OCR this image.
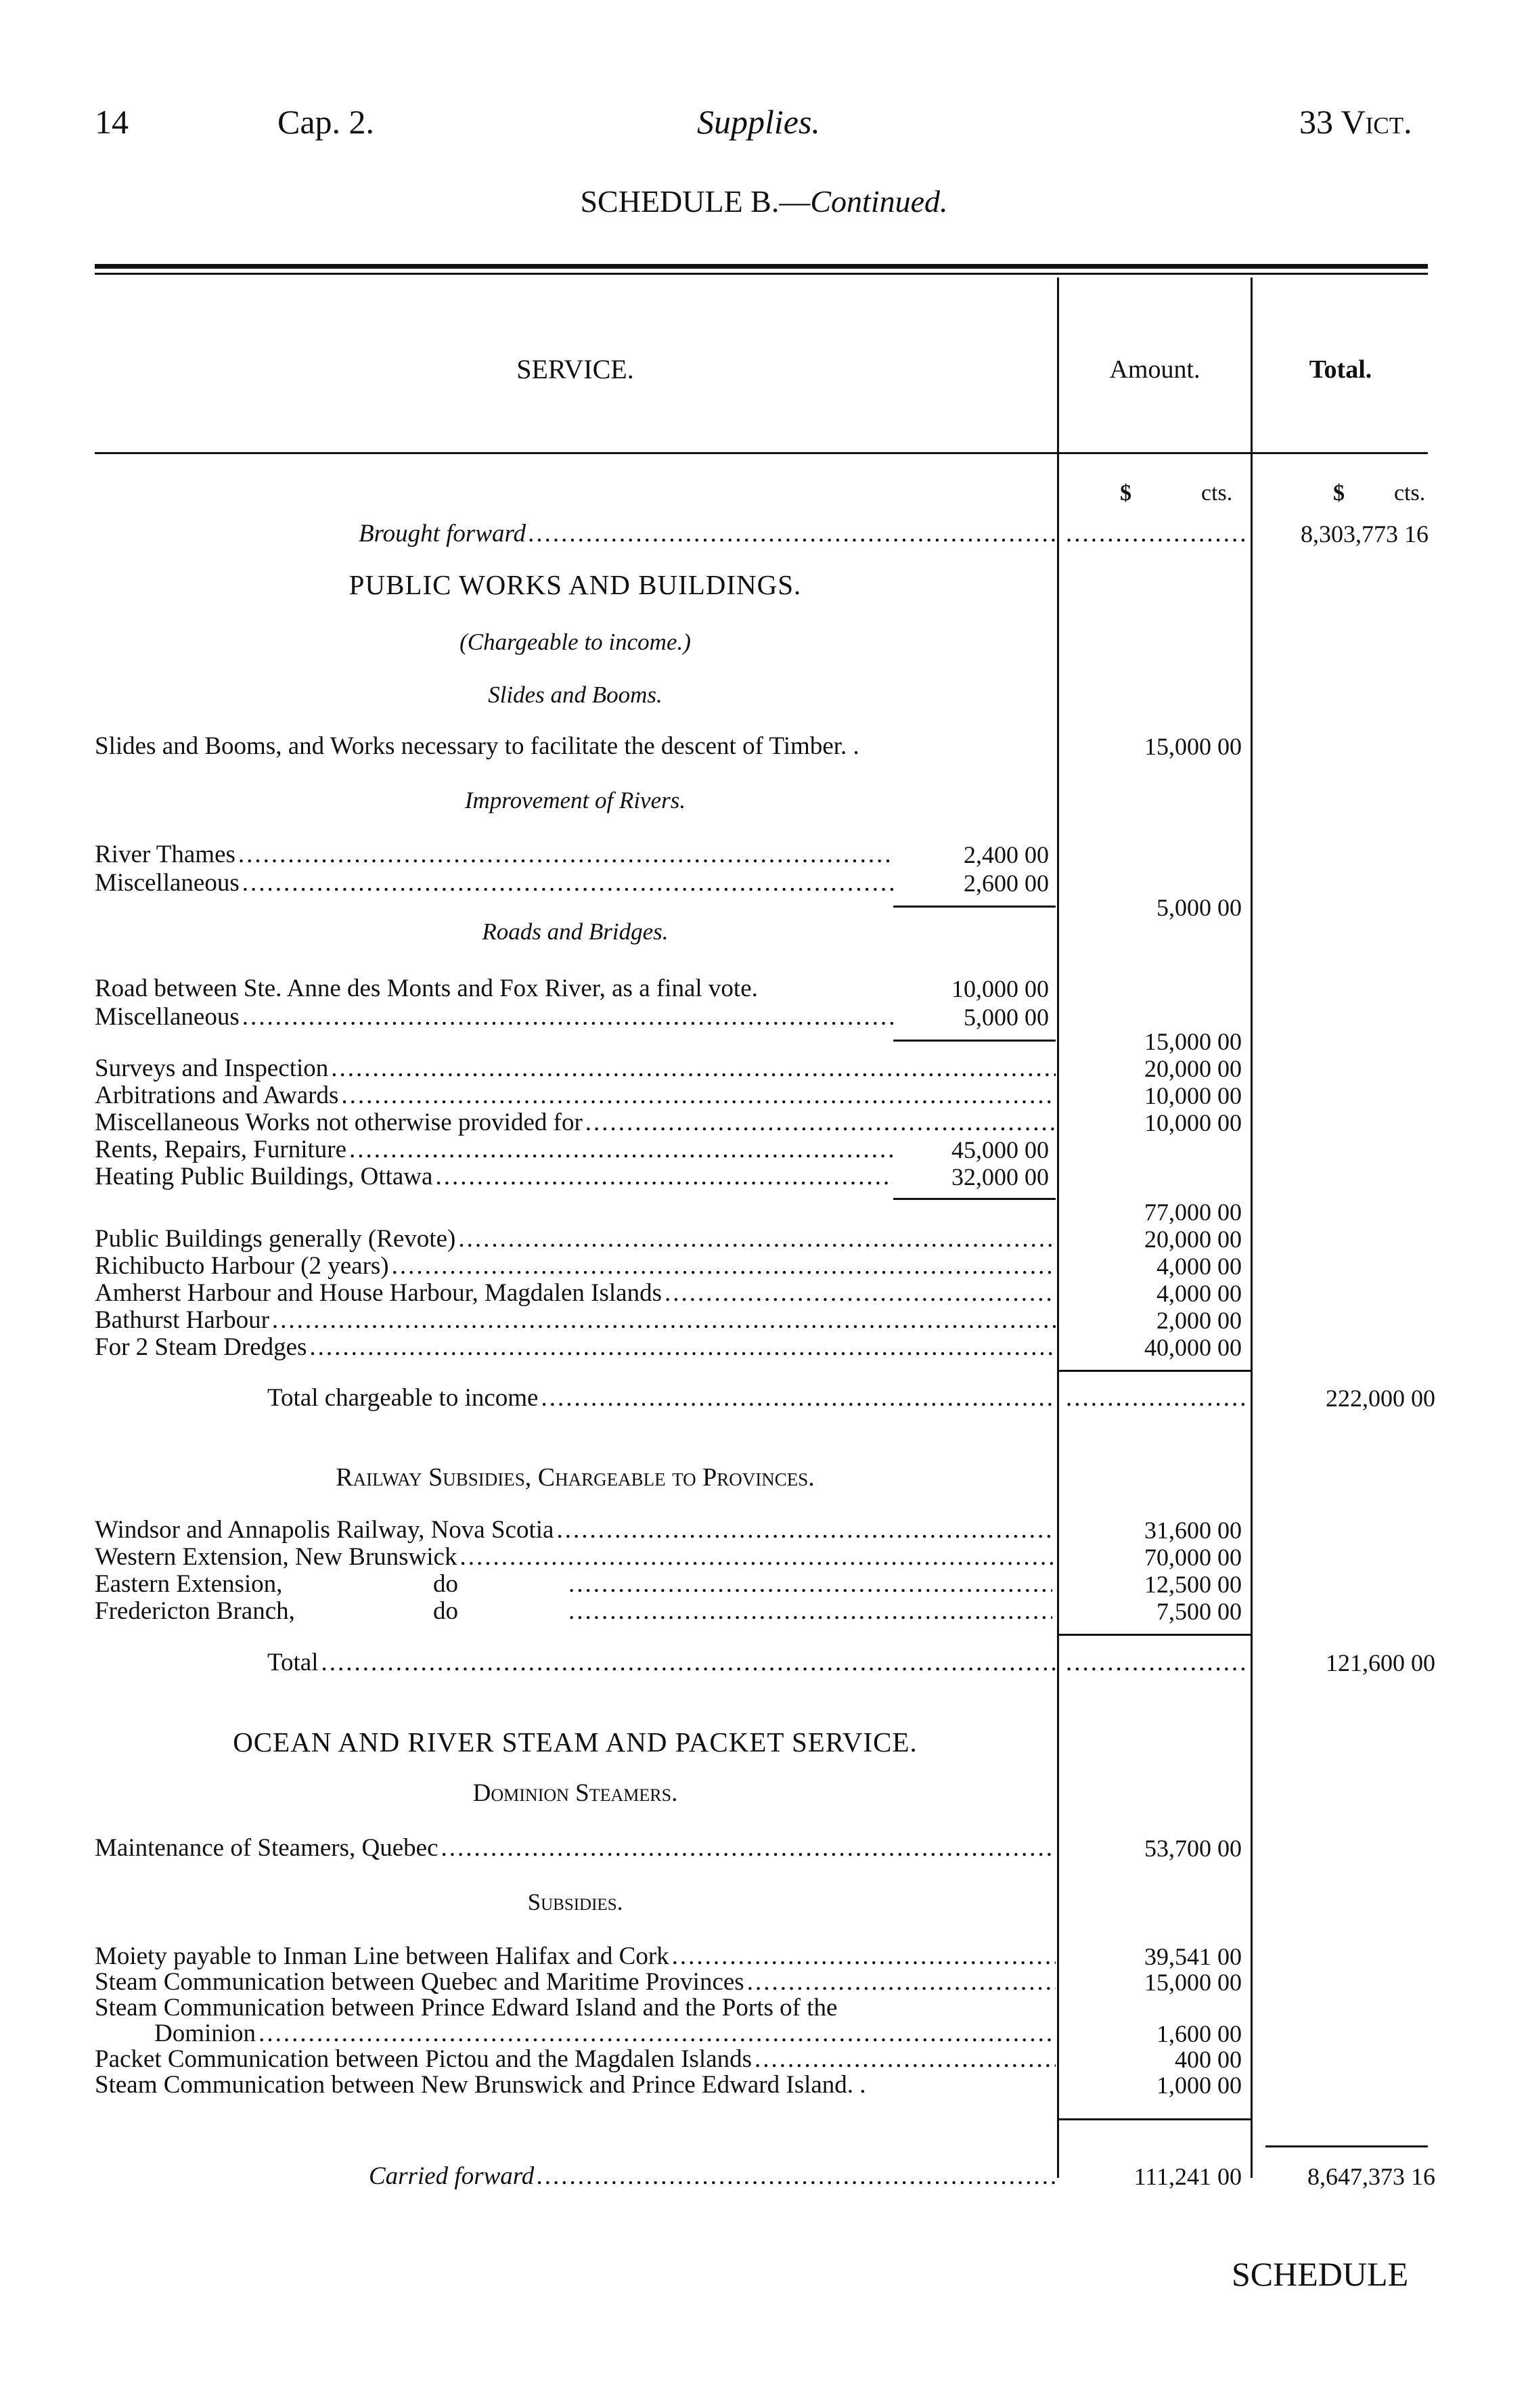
14	Cap. 2.	Supplies.	33 Vict.
SCHEDULE B.—Continued.
SERVICE.	Amount.	Total.
$	cts.	$ cts.
Brought forward ..... .....	8,303,773 16
PUBLIC WORKS AND BUILDINGS.
(Chargeable to income.)
Slides and Booms.
Slides and Booms, and Works necessary to facilitate the descent of Timber. .	15,000 00
Improvement of Rivers.
River Thames .....	2,400 00
Miscellaneous .....	2,600 00
5,000 00
Roads and Bridges.
Road between Ste. Anne des Monts and Fox River, as a final vote.	10,000 00
Miscellaneous .....	5,000 00
15,000 00
Surveys and Inspection .....	20,000 00
Arbitrations and Awards .....	10,000 00
Miscellaneous Works not otherwise provided for .....	10,000 00
Rents, Repairs, Furniture .....	45,000 00
Heating Public Buildings, Ottawa .....	32,000 00
77,000 00
Public Buildings generally (Revote) .....	20,000 00
Richibucto Harbour (2 years) .....	4,000 00
Amherst Harbour and House Harbour, Magdalen Islands .....	4,000 00
Bathurst Harbour .....	2,000 00
For 2 Steam Dredges .....	40,000 00
Total chargeable to income ..... .....	222,000 00
Railway Subsidies, Chargeable to Provinces.
Windsor and Annapolis Railway, Nova Scotia .....	31,600 00
Western Extension, New Brunswick .....	70,000 00
Eastern Extension,	do .....	12,500 00
Fredericton Branch,	do .....	7,500 00
Total ..... .....	121,600 00
OCEAN AND RIVER STEAM AND PACKET SERVICE.
Dominion Steamers.
Maintenance of Steamers, Quebec .....	53,700 00
Subsidies.
Moiety payable to Inman Line between Halifax and Cork .....	39,541 00
Steam Communication between Quebec and Maritime Provinces .....	15,000 00
Steam Communication between Prince Edward Island and the Ports of the
Dominion .....	1,600 00
Packet Communication between Pictou and the Magdalen Islands .....	400 00
Steam Communication between New Brunswick and Prince Edward Island. .	1,000 00
Carried forward .....	111,241 00	8,647,373 16
SCHEDULE
